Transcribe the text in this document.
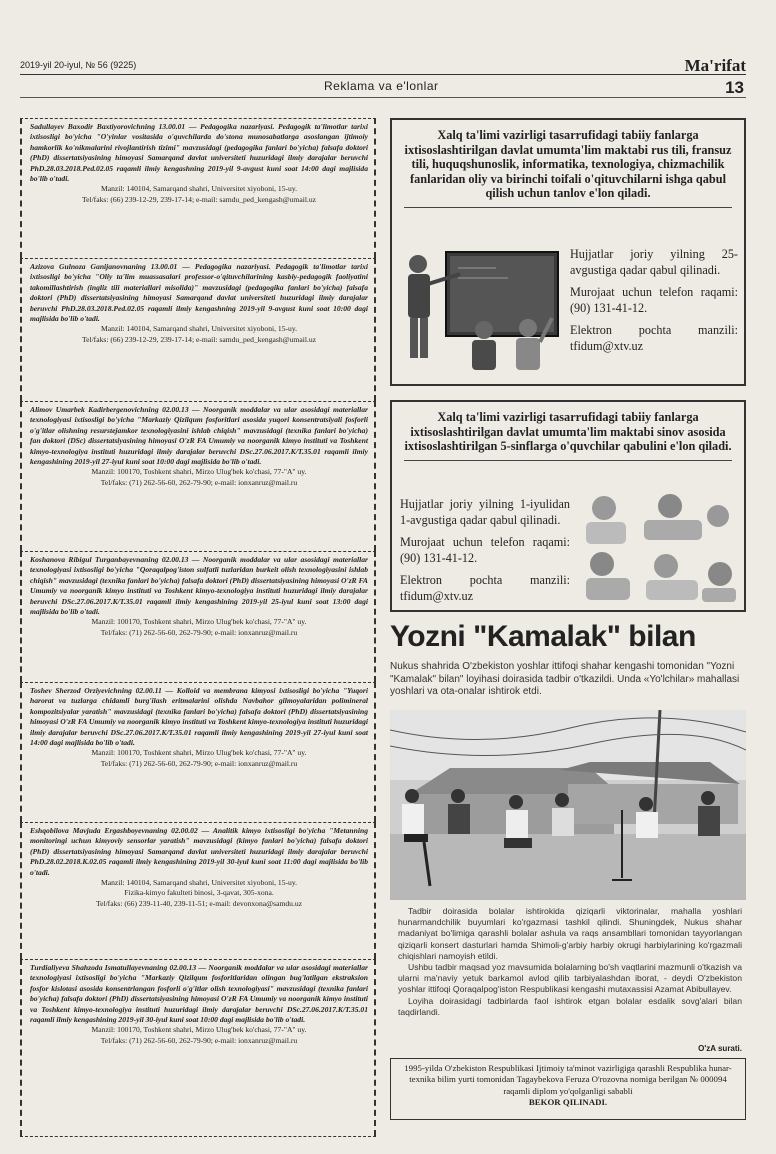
2019-yil 20-iyul, № 56 (9225)	Ma'rifat
Reklama va e'lonlar	13

Sadullayev Baxodir Baxtiyorovichning 13.00.01 — Pedagogika nazariyasi. Pedagogik ta'limotlar tarixi ixtisosligi bo'yicha "O'yinlar vositasida o'quvchilarda do'stona munosabatlarga asoslangan ijtimoiy hamkorlik ko'nikmalarini rivojlantirish tizimi" mavzusidagi (pedagogika fanlari bo'yicha) falsafa doktori (PhD) dissertatsiyasining himoyasi Samarqand davlat universiteti huzuridagi ilmiy darajalar beruvchi PhD.28.03.2018.Ped.02.05 raqamli ilmiy kengashning 2019-yil 9-avgust kuni soat 14:00 dagi majlisida bo'lib o'tadi.

Manzil: 140104, Samarqand shahri, Universitet xiyoboni, 15-uy.

Tel/faks: (66) 239-12-29, 239-17-14; e-mail: samdu_ped_kengash@umail.uz

Azizova Gulnoza Ganijanovnaning 13.00.01 — Pedagogika nazariyasi. Pedagogik ta'limotlar tarixi ixtisosligi bo'yicha "Oliy ta'lim muassasalari professor-o'qituvchilarining kasbiy-pedagogik faoliyatini takomillashtirish (ingliz tili materiallari misolida)" mavzusidagi (pedagogika fanlari bo'yicha) falsafa doktori (PhD) dissertatsiyasining himoyasi Samarqand davlat universiteti huzuridagi ilmiy darajalar beruvchi PhD.28.03.2018.Ped.02.05 raqamli ilmiy kengashning 2019-yil 9-avgust kuni soat 10:00 dagi majlisida bo'lib o'tadi.

Manzil: 140104, Samarqand shahri, Universitet xiyoboni, 15-uy.

Tel/faks: (66) 239-12-29, 239-17-14; e-mail: samdu_ped_kengash@umail.uz

Alimov Umarbek Kadirbergenovichning 02.00.13 — Noorganik moddalar va ular asosidagi materiallar texnologiyasi ixtisosligi bo'yicha "Markaziy Qizilqum fosforitlari asosida yuqori konsentratsiyali fosforli o'g'itlar olishning resurstejamkor texnologiyasini ishlab chiqish" mavzusidagi (texnika fanlari bo'yicha) fan doktori (DSc) dissertatsiyasining himoyasi O'zR FA Umumiy va noorganik kimyo instituti va Toshkent kimyo-texnologiya instituti huzuridagi ilmiy darajalar beruvchi DSc.27.06.2017.K/T.35.01 raqamli ilmiy kengashining 2019-yil 27-iyul kuni soat 10:00 dagi majlisida bo'lib o'tadi.

Manzil: 100170, Toshkent shahri, Mirzo Ulug'bek ko'chasi, 77-"A" uy.

Tel/faks: (71) 262-56-60, 262-79-90; e-mail: ionxanruz@mail.ru

Koshanova Ribigul Turganbayevnaning 02.00.13 — Noorganik moddalar va ular asosidagi materiallar texnologiyasi ixtisosligi bo'yicha "Qoraqalpog'iston sulfatli tuzlaridan burkeit olish texnologiyasini ishlab chiqish" mavzusidagi (texnika fanlari bo'yicha) falsafa doktori (PhD) dissertatsiyasining himoyasi O'zR FA Umumiy va noorganik kimyo instituti va Toshkent kimyo-texnologiya instituti huzuridagi ilmiy darajalar beruvchi DSc.27.06.2017.K/T.35.01 raqamli ilmiy kengashining 2019-yil 25-iyul kuni soat 13:00 dagi majlisida bo'lib o'tadi.

Manzil: 100170, Toshkent shahri, Mirzo Ulug'bek ko'chasi, 77-"A" uy.

Tel/faks: (71) 262-56-60, 262-79-90; e-mail: ionxanruz@mail.ru

Toshev Sherzod Orziyevichning 02.00.11 — Kolloid va membrana kimyosi ixtisosligi bo'yicha "Yuqori harorat va tuzlarga chidamli burg'ilash eritmalarini olishda Navbahor gilmoyalaridan polimineral kompozitsiyalar yaratish" mavzusidagi (texnika fanlari bo'yicha) falsafa doktori (PhD) dissertatsiyasining himoyasi O'zR FA Umumiy va noorganik kimyo instituti va Toshkent kimyo-texnologiya instituti huzuridagi ilmiy darajalar beruvchi DSc.27.06.2017.K/T.35.01 raqamli ilmiy kengashining 2019-yil 27-iyul kuni soat 14:00 dagi majlisida bo'lib o'tadi.

Manzil: 100170, Toshkent shahri, Mirzo Ulug'bek ko'chasi, 77-"A" uy.

Tel/faks: (71) 262-56-60, 262-79-90; e-mail: ionxanruz@mail.ru

Eshqobilova Mavjuda Ergashboyevnaning 02.00.02 — Analitik kimyo ixtisosligi bo'yicha "Metanning monitoringi uchun kimyoviy sensorlar yaratish" mavzusidagi (kimyo fanlari bo'yicha) falsafa doktori (PhD) dissertatsiyasining himoyasi Samarqand davlat universiteti huzuridagi ilmiy darajalar beruvchi PhD.28.02.2018.K.02.05 raqamli ilmiy kengashining 2019-yil 30-iyul kuni soat 11:00 dagi majlisida bo'lib o'tadi.

Manzil: 140104, Samarqand shahri, Universitet xiyoboni, 15-uy.

Fizika-kimyo fakulteti binosi, 3-qavat, 305-xona.

Tel/faks: (66) 239-11-40, 239-11-51; e-mail: devonxona@samdu.uz

Turdialiyeva Shahzoda Ismatullayevnaning 02.00.13 — Noorganik moddalar va ular asosidagi materiallar texnologiyasi ixtisosligi bo'yicha "Markaziy Qizilqum fosforitlaridan olingan bug'latilgan ekstraksion fosfor kislotasi asosida konsentrlangan fosforli o'g'itlar olish texnologiyasi" mavzusidagi (texnika fanlari bo'yicha) falsafa doktori (PhD) dissertatsiyasining himoyasi O'zR FA Umumiy va noorganik kimyo instituti va Toshkent kimyo-texnologiya instituti huzuridagi ilmiy darajalar beruvchi DSc.27.06.2017.K/T.35.01 raqamli ilmiy kengashining 2019-yil 30-iyul kuni soat 10:00 dagi majlisida bo'lib o'tadi.

Manzil: 100170, Toshkent shahri, Mirzo Ulug'bek ko'chasi, 77-"A" uy.

Tel/faks: (71) 262-56-60, 262-79-90; e-mail: ionxanruz@mail.ru

Xalq ta'limi vazirligi tasarrufidagi tabiiy fanlarga ixtisoslashtirilgan davlat umumta'lim maktabi rus tili, fransuz tili, huquqshunoslik, informatika, texnologiya, chizmachilik fanlaridan oliy va birinchi toifali o'qituvchilarni ishga qabul qilish uchun tanlov e'lon qiladi.

Hujjatlar joriy yilning 25-avgustiga qadar qabul qilinadi.

Murojaat uchun telefon raqami: (90) 131-41-12.

Elektron pochta manzili: tfidum@xtv.uz

Xalq ta'limi vazirligi tasarrufidagi tabiiy fanlarga ixtisoslashtirilgan davlat umumta'lim maktabi sinov asosida ixtisoslashtirilgan 5-sinflarga o'quvchilar qabulini e'lon qiladi.

Hujjatlar joriy yilning 1-iyulidan 1-avgustiga qadar qabul qilinadi.

Murojaat uchun telefon raqami: (90) 131-41-12.

Elektron pochta manzili: tfidum@xtv.uz

Yozni "Kamalak" bilan
Nukus shahrida O'zbekiston yoshlar ittifoqi shahar kengashi tomonidan "Yozni "Kamalak" bilan" loyihasi doirasida tadbir o'tkazildi. Unda «Yo'lchilar» mahallasi yoshlari va ota-onalar ishtirok etdi.

Tadbir doirasida bolalar ishtirokida qiziqarli viktorinalar, mahalla yoshlari hunarmandchilik buyumlari ko'rgazmasi tashkil qilindi. Shuningdek, Nukus shahar madaniyat bo'limiga qarashli bolalar ashula va raqs ansambllari tomonidan tayyorlangan qiziqarli konsert dasturlari hamda Shimoli-g'arbiy harbiy okrugi harbiylarining ko'rgazmali chiqishlari namoyish etildi.

Ushbu tadbir maqsad yoz mavsumida bolalarning bo'sh vaqtlarini mazmunli o'tkazish va ularni ma'naviy yetuk barkamol avlod qilib tarbiyalashdan iborat, - deydi O'zbekiston yoshlar ittifoqi Qoraqalpog'iston Respublikasi kengashi mutaxassisi Azamat Abibullayev.

Loyiha doirasidagi tadbirlarda faol ishtirok etgan bolalar esdalik sovg'alari bilan taqdirlandi.

O'zA surati.
1995-yilda O'zbekiston Respublikasi Ijtimoiy ta'minot vazirligiga qarashli Respublika hunar-texnika bilim yurti tomonidan Tagaybekova Feruza O'rozovna nomiga berilgan № 000094 raqamli diplom yo'qolganligi sababli
BEKOR QILINADI.
